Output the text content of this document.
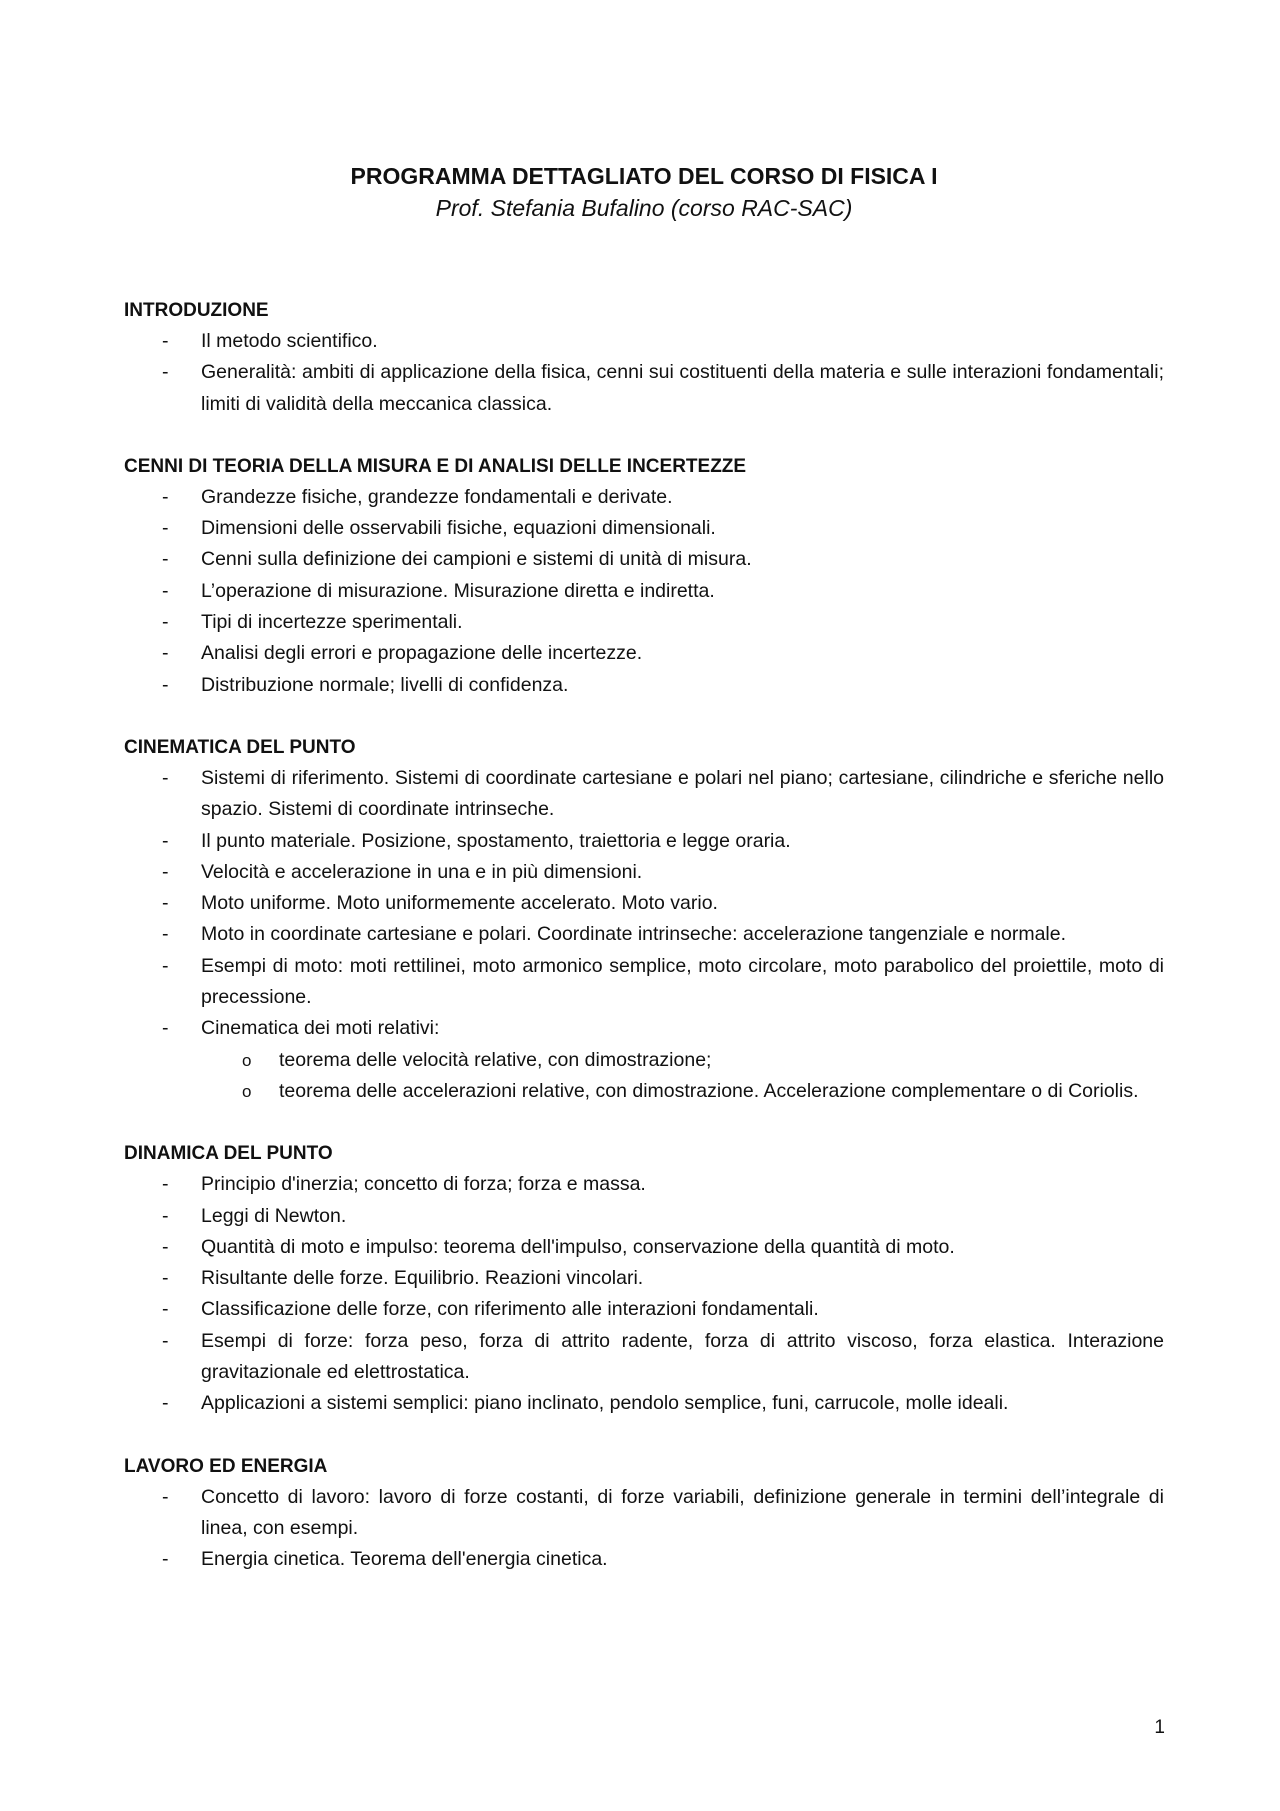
PROGRAMMA DETTAGLIATO DEL CORSO DI FISICA I

Prof. Stefania Bufalino (corso RAC-SAC)

INTRODUZIONE

- Il metodo scientifico.
- Generalità: ambiti di applicazione della fisica, cenni sui costituenti della materia e sulle interazioni fondamentali; limiti di validità della meccanica classica.

CENNI DI TEORIA DELLA MISURA E DI ANALISI DELLE INCERTEZZE

- Grandezze fisiche, grandezze fondamentali e derivate.
- Dimensioni delle osservabili fisiche, equazioni dimensionali.
- Cenni sulla definizione dei campioni e sistemi di unità di misura.
- L’operazione di misurazione. Misurazione diretta e indiretta.
- Tipi di incertezze sperimentali.
- Analisi degli errori e propagazione delle incertezze.
- Distribuzione normale; livelli di confidenza.

CINEMATICA DEL PUNTO

- Sistemi di riferimento. Sistemi di coordinate cartesiane e polari nel piano; cartesiane, cilindriche e sferiche nello spazio. Sistemi di coordinate intrinseche.
- Il punto materiale. Posizione, spostamento, traiettoria e legge oraria.
- Velocità e accelerazione in una e in più dimensioni.
- Moto uniforme. Moto uniformemente accelerato. Moto vario.
- Moto in coordinate cartesiane e polari. Coordinate intrinseche: accelerazione tangenziale e normale.
- Esempi di moto: moti rettilinei, moto armonico semplice, moto circolare, moto parabolico del proiettile, moto di precessione.
- Cinematica dei moti relativi:
o teorema delle velocità relative, con dimostrazione;
o teorema delle accelerazioni relative, con dimostrazione. Accelerazione complementare o di Coriolis.

DINAMICA DEL PUNTO

- Principio d'inerzia; concetto di forza; forza e massa.
- Leggi di Newton.
- Quantità di moto e impulso: teorema dell'impulso, conservazione della quantità di moto.
- Risultante delle forze. Equilibrio. Reazioni vincolari.
- Classificazione delle forze, con riferimento alle interazioni fondamentali.
- Esempi di forze: forza peso, forza di attrito radente, forza di attrito viscoso, forza elastica. Interazione gravitazionale ed elettrostatica.
- Applicazioni a sistemi semplici: piano inclinato, pendolo semplice, funi, carrucole, molle ideali.

LAVORO ED ENERGIA

- Concetto di lavoro: lavoro di forze costanti, di forze variabili, definizione generale in termini dell’integrale di linea, con esempi.
- Energia cinetica. Teorema dell'energia cinetica.
1
